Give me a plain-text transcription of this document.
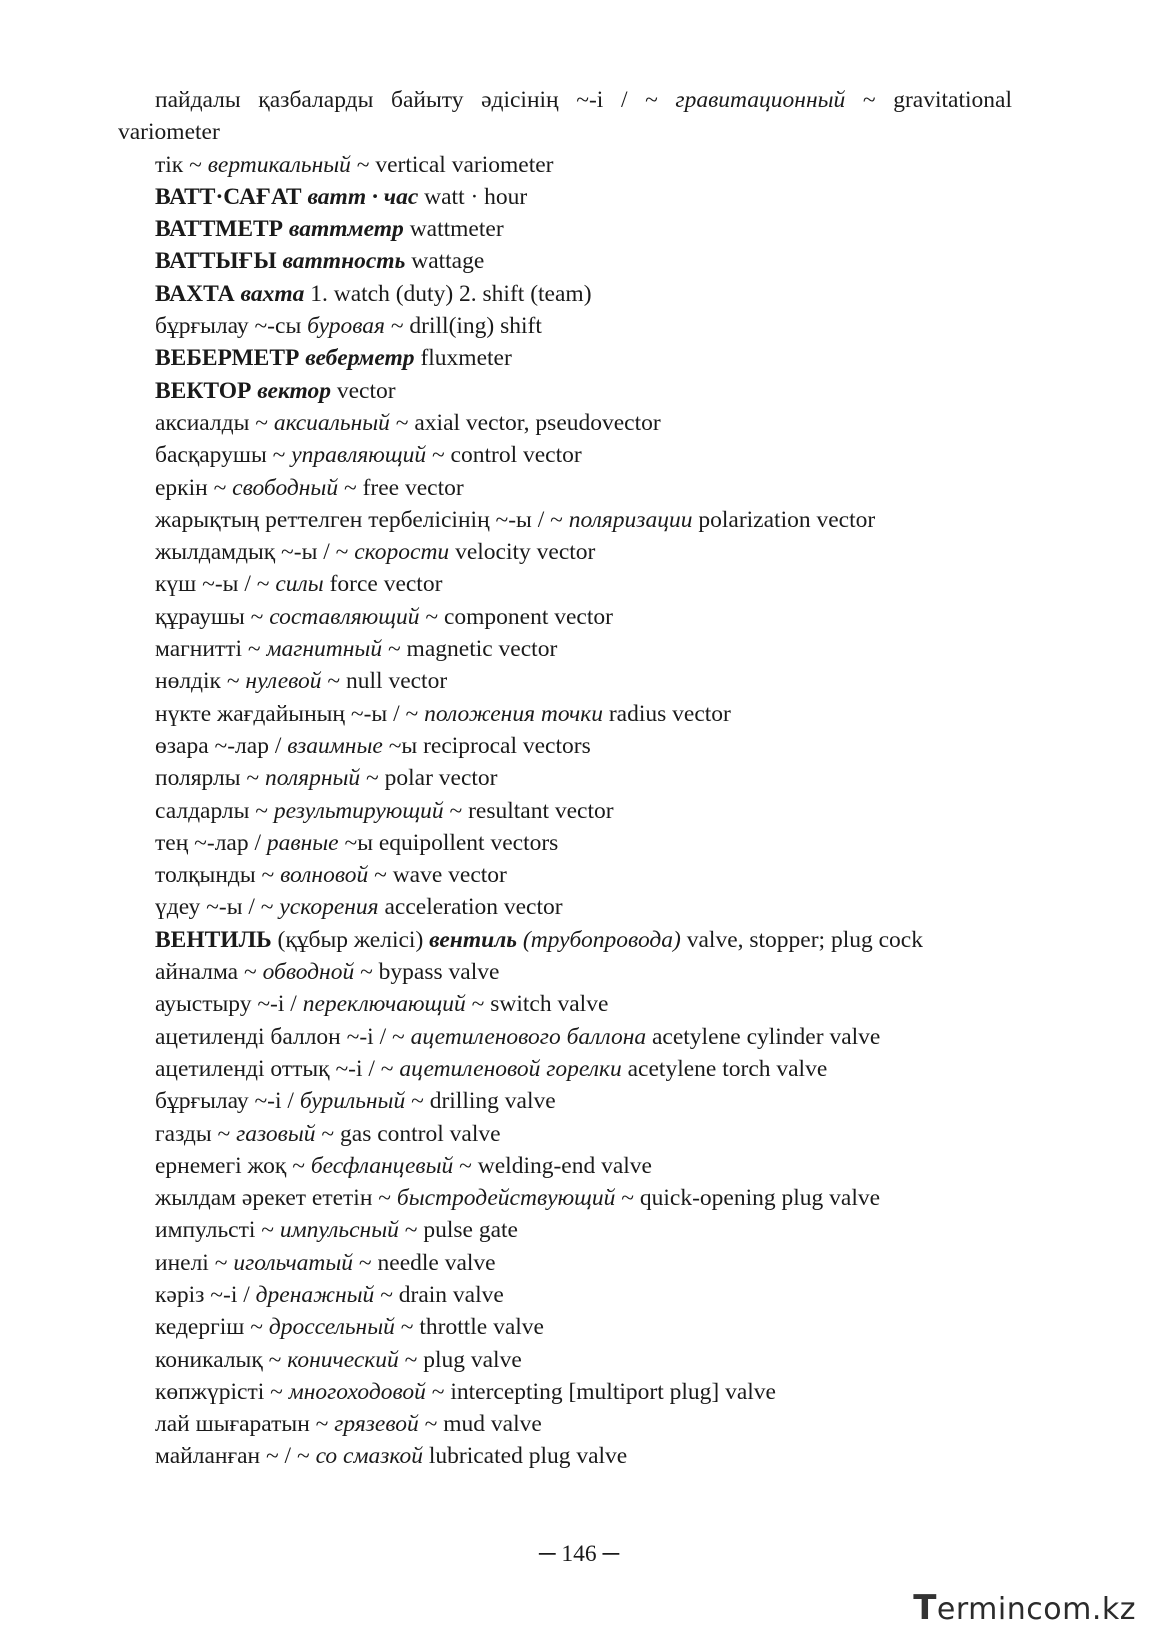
пайдалы қазбаларды байыту әдісінің ~-і / ~ гравитационный ~ gravitational variometer
тік ~ вертикальный ~ vertical variometer
ВАТТ·САҒАТ ватт · час watt · hour
ВАТТМЕТР ваттметр wattmeter
ВАТТЫҒЫ ваттность wattage
ВАХТА вахта 1. watch (duty) 2. shift (team)
бұрғылау ~-сы буровая ~ drill(ing) shift
ВЕБЕРМЕТР веберметр fluxmeter
ВЕКТОР вектор vector
аксиалды ~ аксиальный ~ axial vector, pseudovector
басқарушы ~ управляющий ~ control vector
еркін ~ свободный ~ free vector
жарықтың реттелген тербелісінің ~-ы / ~ поляризации polarization vector
жылдамдық ~-ы / ~ скорости velocity vector
күш ~-ы / ~ силы force vector
құраушы ~ составляющий ~ component vector
магнитті ~ магнитный ~ magnetic vector
нөлдік ~ нулевой ~ null vector
нүкте жағдайының ~-ы / ~ положения точки radius vector
өзара ~-лар / взаимные ~ы reciprocal vectors
полярлы ~ полярный ~ polar vector
салдарлы ~ результирующий ~ resultant vector
тең ~-лар / равные ~ы equipollent vectors
толқынды ~ волновой ~ wave vector
үдеу ~-ы / ~ ускорения acceleration vector
ВЕНТИЛЬ (құбыр желісі) вентиль (трубопровода) valve, stopper; plug cock
айналма ~ обводной ~ bypass valve
ауыстыру ~-і / переключающий ~ switch valve
ацетиленді баллон ~-і / ~ ацетиленового баллона acetylene cylinder valve
ацетиленді оттық ~-і / ~ ацетиленовой горелки acetylene torch valve
бұрғылау ~-і / бурильный ~ drilling valve
газды ~ газовый ~ gas control valve
ернемегі жоқ ~ бесфланцевый ~ welding-end valve
жылдам әрекет ететін ~ быстродействующий ~ quick-opening plug valve
импульсті ~ импульсный ~ pulse gate
инелі ~ игольчатый ~ needle valve
кәріз ~-і / дренажный ~ drain valve
кедергіш ~ дроссельный ~ throttle valve
коникалық ~ конический ~ plug valve
көпжүрісті ~ многоходовой ~ intercepting [multiport plug] valve
лай шығаратын ~ грязевой ~ mud valve
майланған ~ / ~ со смазкой lubricated plug valve
─ 146 ─
T ermincо m.kz
